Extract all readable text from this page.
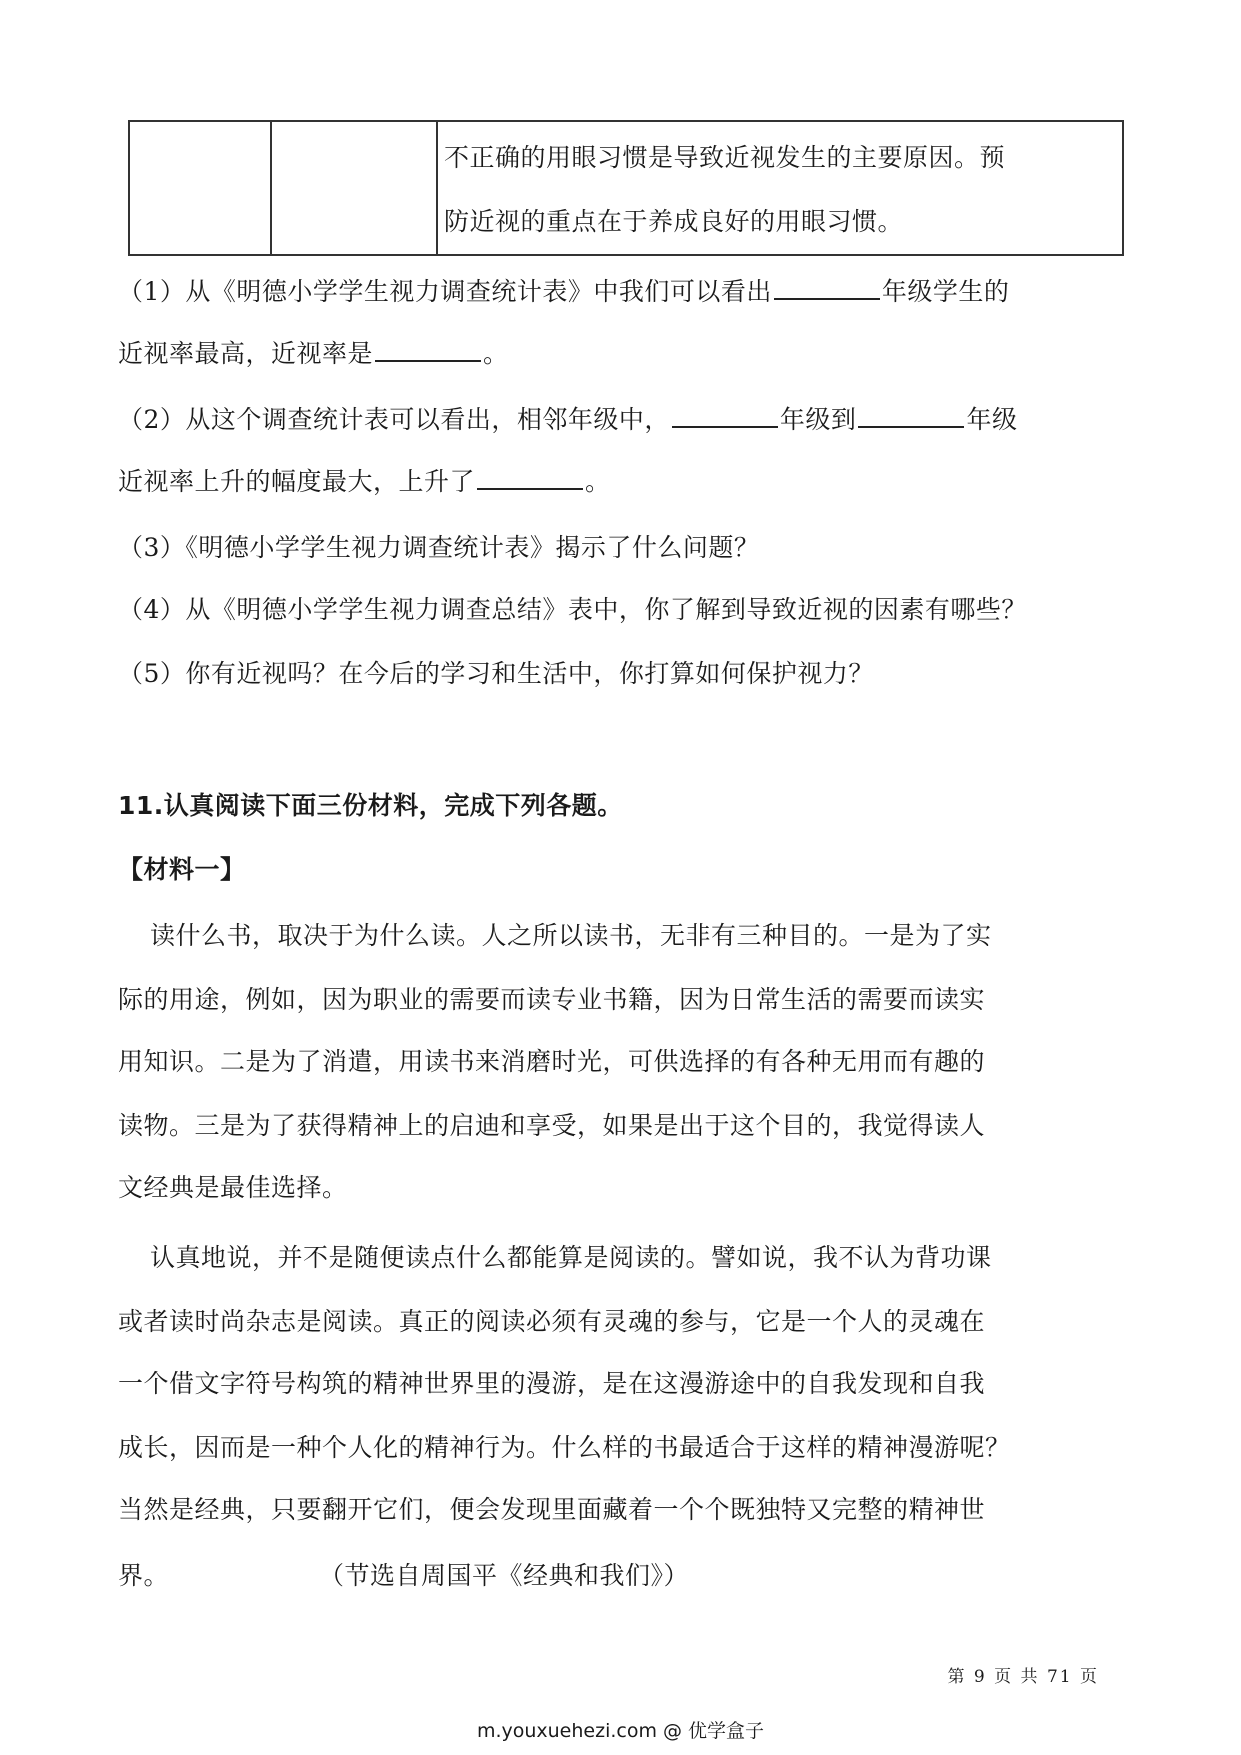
不正确的用眼习惯是导致近视发生的主要原因。预
防近视的重点在于养成良好的用眼习惯。
（1）从《明德小学学生视力调查统计表》中我们可以看出	年级学生的
近视率最高，近视率是	。
（2）从这个调查统计表可以看出，相邻年级中，	年级到	年级
近视率上升的幅度最大，上升了	。
（3）《明德小学学生视力调查统计表》揭示了什么问题？
（4）从《明德小学学生视力调查总结》表中，你了解到导致近视的因素有哪些？
（5）你有近视吗？在今后的学习和生活中，你打算如何保护视力？
11.认真阅读下面三份材料，完成下列各题。
【材料一】
读什么书，取决于为什么读。人之所以读书，无非有三种目的。一是为了实
际的用途，例如，因为职业的需要而读专业书籍，因为日常生活的需要而读实
用知识。二是为了消遣，用读书来消磨时光，可供选择的有各种无用而有趣的
读物。三是为了获得精神上的启迪和享受，如果是出于这个目的，我觉得读人
文经典是最佳选择。
认真地说，并不是随便读点什么都能算是阅读的。譬如说，我不认为背功课
或者读时尚杂志是阅读。真正的阅读必须有灵魂的参与，它是一个人的灵魂在
一个借文字符号构筑的精神世界里的漫游，是在这漫游途中的自我发现和自我
成长，因而是一种个人化的精神行为。什么样的书最适合于这样的精神漫游呢？
当然是经典，只要翻开它们，便会发现里面藏着一个个既独特又完整的精神世
界。	（节选自周国平《经典和我们》）
第 9 页 共 71 页
m.youxuehezi.com @ 优学盒子
